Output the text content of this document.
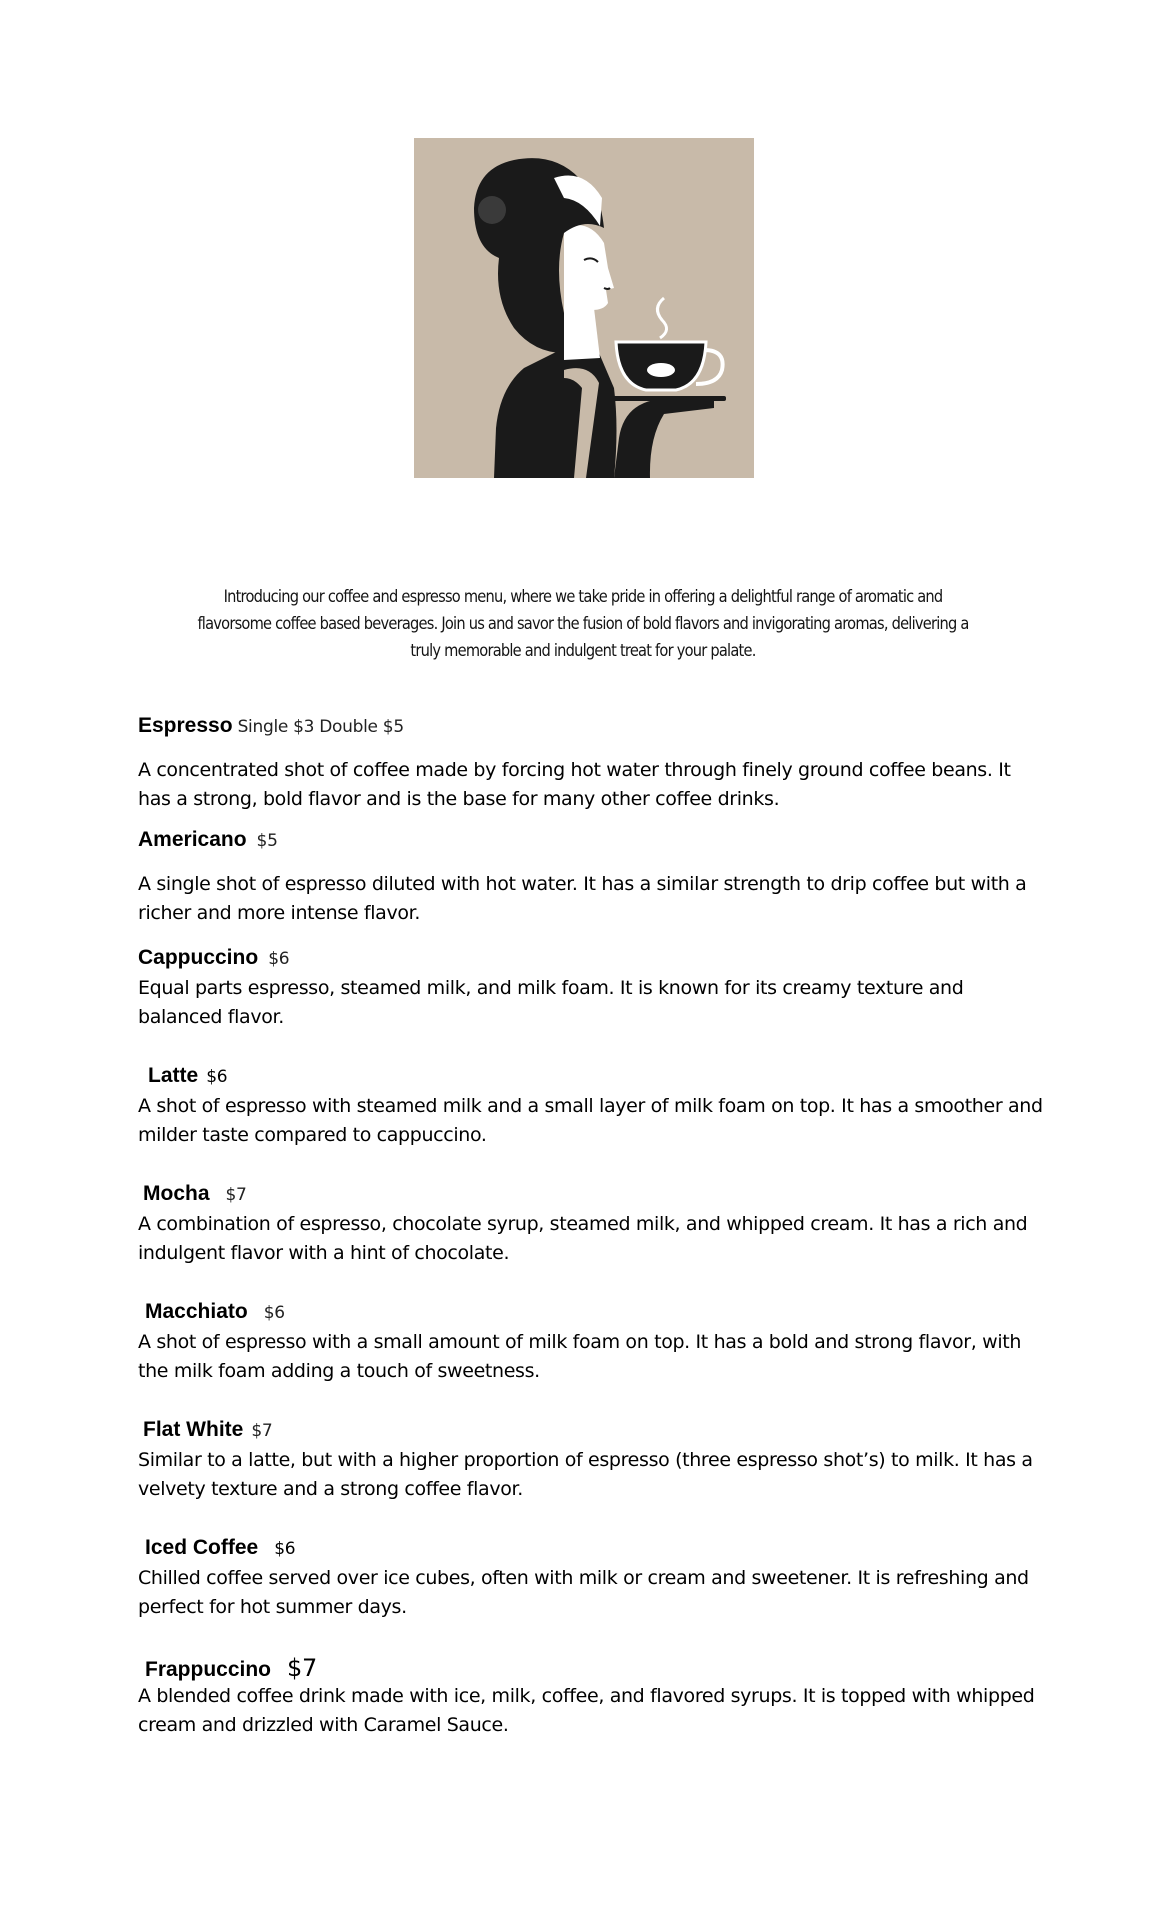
Introducing our coffee and espresso menu, where we take pride in offering a delightful range of aromatic and flavorsome coffee based beverages. Join us and savor the fusion of bold flavors and invigorating aromas, delivering a truly memorable and indulgent treat for your palate.
Espresso Single $3 Double $5

A concentrated shot of coffee made by forcing hot water through finely ground coffee beans. It has a strong, bold flavor and is the base for many other coffee drinks.

Americano $5

A single shot of espresso diluted with hot water. It has a similar strength to drip coffee but with a richer and more intense flavor.

Cappuccino $6

Equal parts espresso, steamed milk, and milk foam. It is known for its creamy texture and balanced flavor.

Latte $6

A shot of espresso with steamed milk and a small layer of milk foam on top. It has a smoother and milder taste compared to cappuccino.

Mocha $7

A combination of espresso, chocolate syrup, steamed milk, and whipped cream. It has a rich and indulgent flavor with a hint of chocolate.

Macchiato $6

A shot of espresso with a small amount of milk foam on top. It has a bold and strong flavor, with the milk foam adding a touch of sweetness.

Flat White $7

Similar to a latte, but with a higher proportion of espresso (three espresso shot’s) to milk. It has a velvety texture and a strong coffee flavor.

Iced Coffee $6

Chilled coffee served over ice cubes, often with milk or cream and sweetener. It is refreshing and perfect for hot summer days.

Frappuccino $7

A blended coffee drink made with ice, milk, coffee, and flavored syrups. It is topped with whipped cream and drizzled with Caramel Sauce.
